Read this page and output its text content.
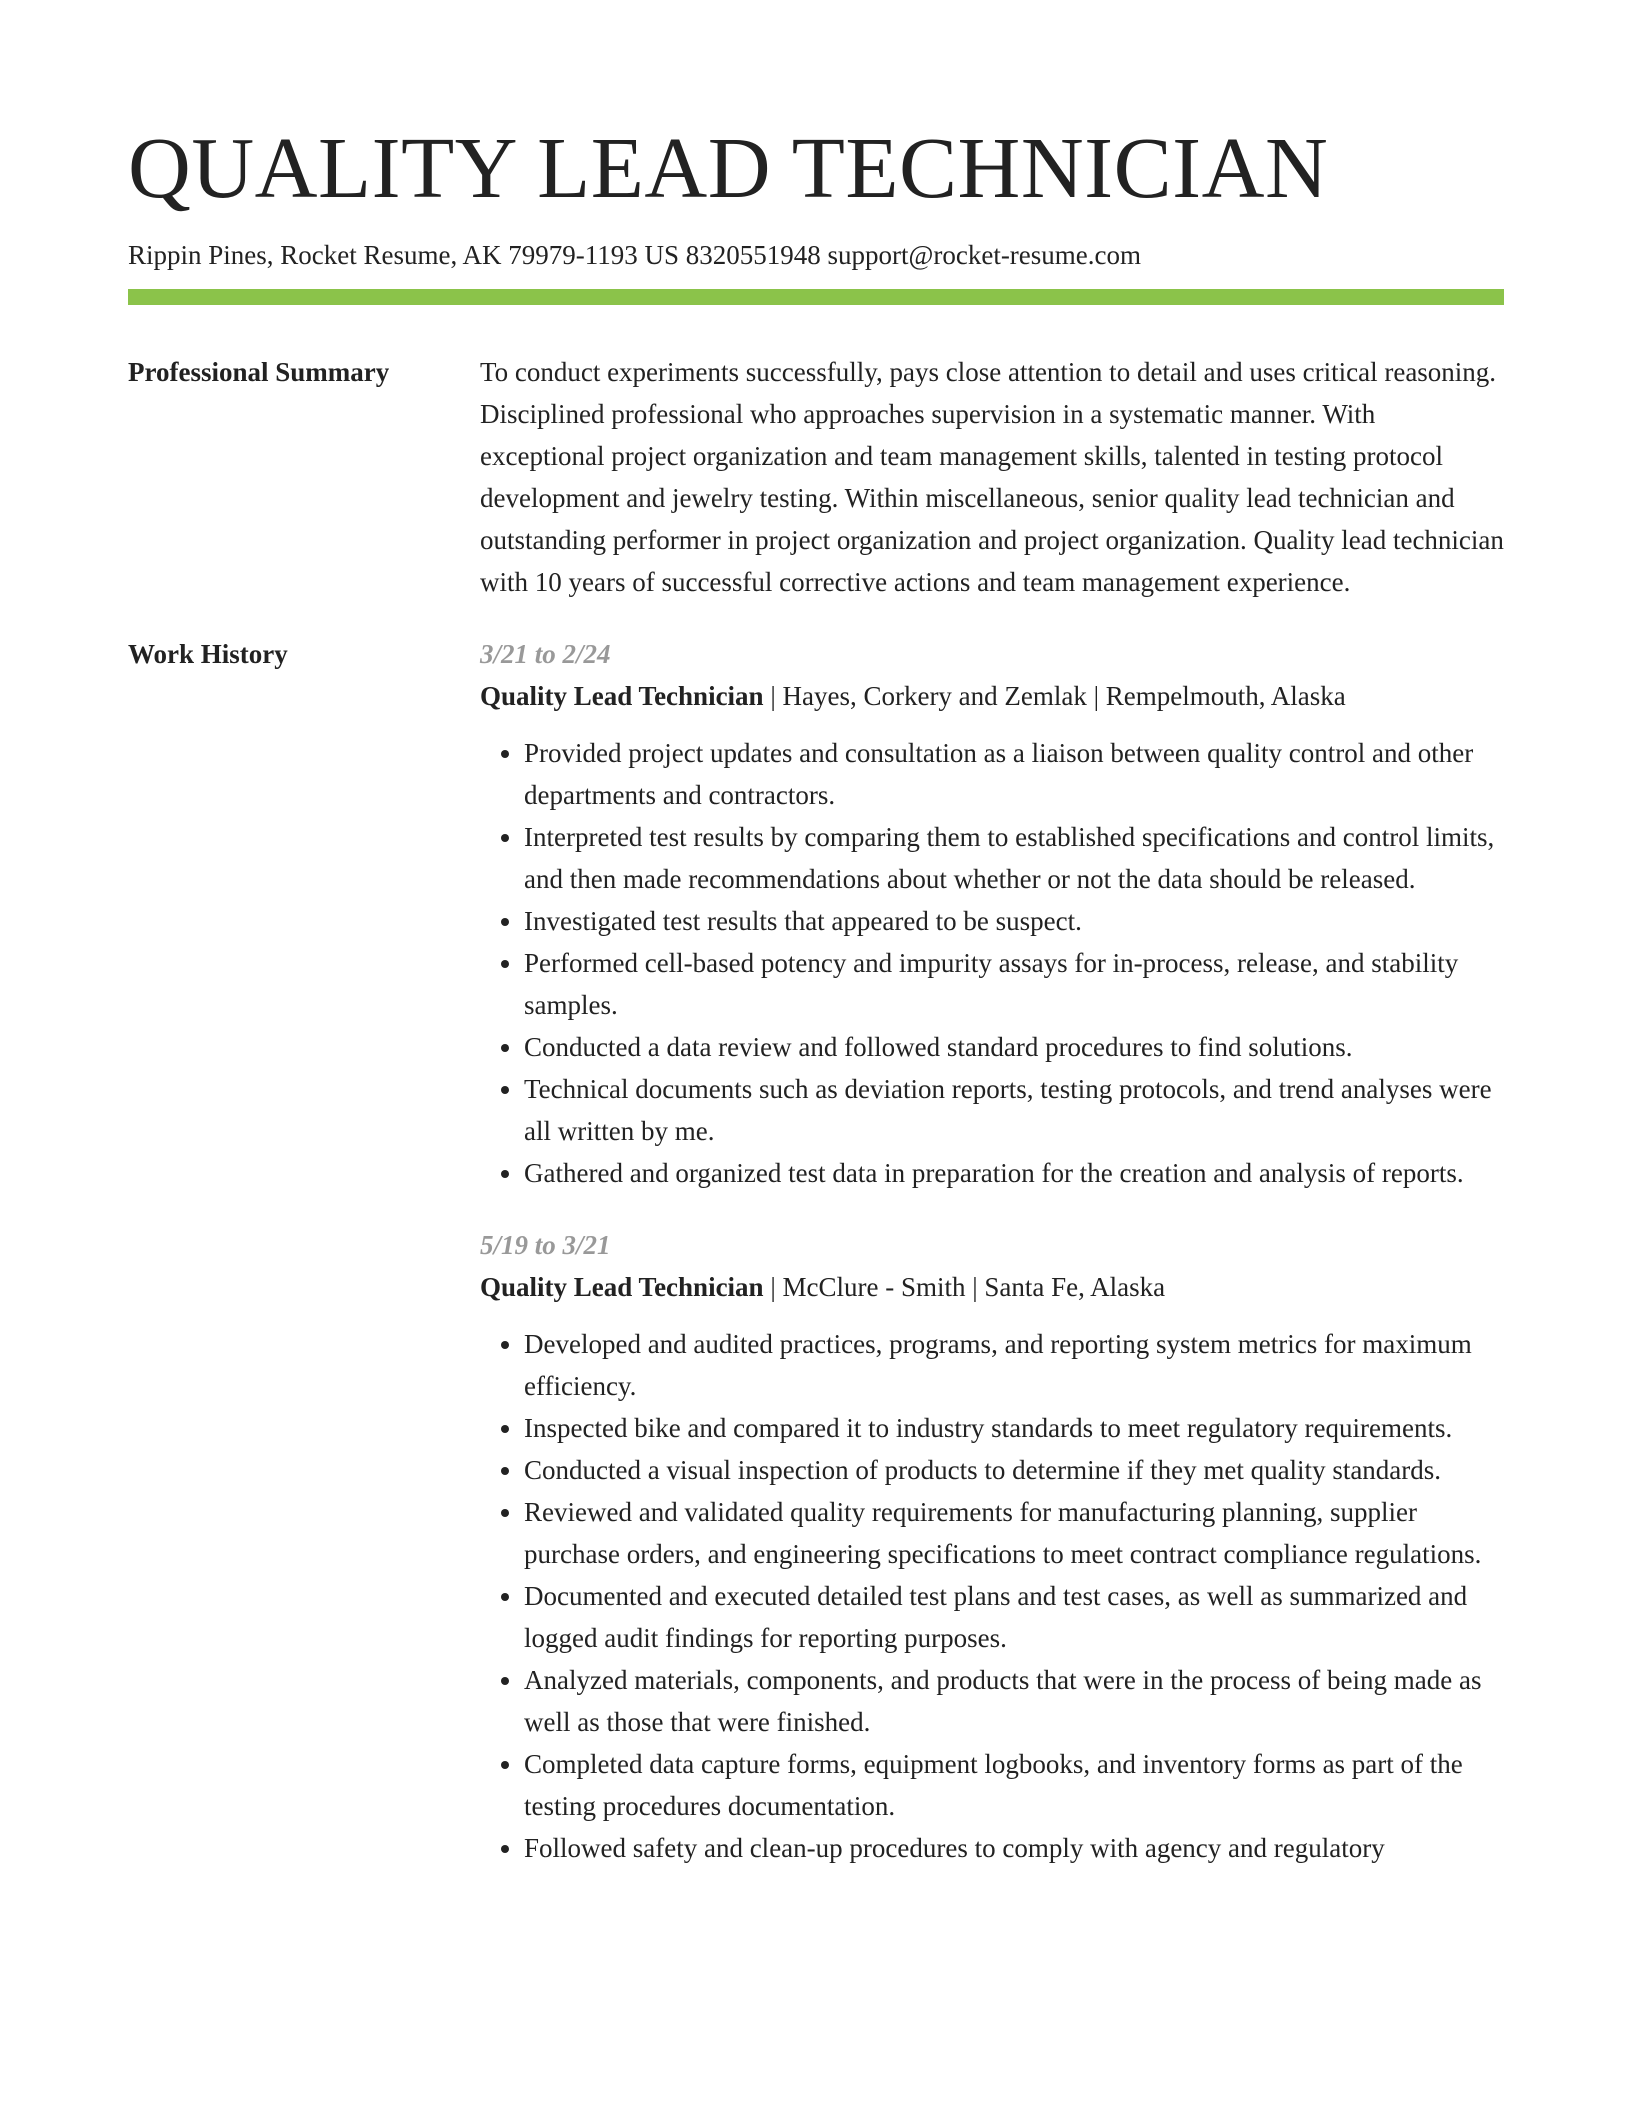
QUALITY LEAD TECHNICIAN
Rippin Pines, Rocket Resume, AK 79979-1193 US 8320551948 support@rocket-resume.com
Professional Summary	To conduct experiments successfully, pays close attention to detail and uses critical reasoning. Disciplined professional who approaches supervision in a systematic manner. With exceptional project organization and team management skills, talented in testing protocol development and jewelry testing. Within miscellaneous, senior quality lead technician and outstanding performer in project organization and project organization. Quality lead technician with 10 years of successful corrective actions and team management experience.

Work History	3/21 to 2/24
Quality Lead Technician | Hayes, Corkery and Zemlak | Rempelmouth, Alaska
• Provided project updates and consultation as a liaison between quality control and other departments and contractors.
• Interpreted test results by comparing them to established specifications and control limits, and then made recommendations about whether or not the data should be released.
• Investigated test results that appeared to be suspect.
• Performed cell-based potency and impurity assays for in-process, release, and stability samples.
• Conducted a data review and followed standard procedures to find solutions.
• Technical documents such as deviation reports, testing protocols, and trend analyses were all written by me.
• Gathered and organized test data in preparation for the creation and analysis of reports.
5/19 to 3/21
Quality Lead Technician | McClure - Smith | Santa Fe, Alaska
• Developed and audited practices, programs, and reporting system metrics for maximum efficiency.
• Inspected bike and compared it to industry standards to meet regulatory requirements.
• Conducted a visual inspection of products to determine if they met quality standards.
• Reviewed and validated quality requirements for manufacturing planning, supplier purchase orders, and engineering specifications to meet contract compliance regulations.
• Documented and executed detailed test plans and test cases, as well as summarized and logged audit findings for reporting purposes.
• Analyzed materials, components, and products that were in the process of being made as well as those that were finished.
• Completed data capture forms, equipment logbooks, and inventory forms as part of the testing procedures documentation.
• Followed safety and clean-up procedures to comply with agency and regulatory
